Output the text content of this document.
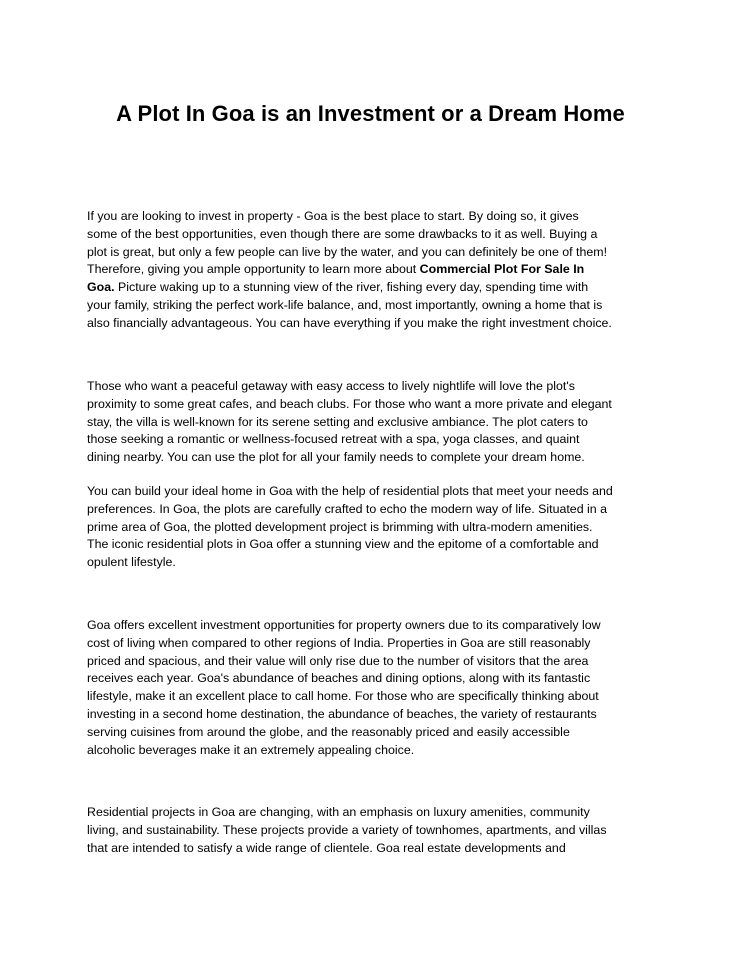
A Plot In Goa is an Investment or a Dream Home
If you are looking to invest in property - Goa is the best place to start. By doing so, it gives
some of the best opportunities, even though there are some drawbacks to it as well. Buying a
plot is great, but only a few people can live by the water, and you can definitely be one of them!
Therefore, giving you ample opportunity to learn more about Commercial Plot For Sale In
Goa. Picture waking up to a stunning view of the river, fishing every day, spending time with
your family, striking the perfect work-life balance, and, most importantly, owning a home that is
also financially advantageous. You can have everything if you make the right investment choice.
Those who want a peaceful getaway with easy access to lively nightlife will love the plot's
proximity to some great cafes, and beach clubs. For those who want a more private and elegant
stay, the villa is well-known for its serene setting and exclusive ambiance. The plot caters to
those seeking a romantic or wellness-focused retreat with a spa, yoga classes, and quaint
dining nearby. You can use the plot for all your family needs to complete your dream home.
You can build your ideal home in Goa with the help of residential plots that meet your needs and
preferences. In Goa, the plots are carefully crafted to echo the modern way of life. Situated in a
prime area of Goa, the plotted development project is brimming with ultra-modern amenities.
The iconic residential plots in Goa offer a stunning view and the epitome of a comfortable and
opulent lifestyle.
Goa offers excellent investment opportunities for property owners due to its comparatively low
cost of living when compared to other regions of India. Properties in Goa are still reasonably
priced and spacious, and their value will only rise due to the number of visitors that the area
receives each year. Goa's abundance of beaches and dining options, along with its fantastic
lifestyle, make it an excellent place to call home. For those who are specifically thinking about
investing in a second home destination, the abundance of beaches, the variety of restaurants
serving cuisines from around the globe, and the reasonably priced and easily accessible
alcoholic beverages make it an extremely appealing choice.
Residential projects in Goa are changing, with an emphasis on luxury amenities, community
living, and sustainability. These projects provide a variety of townhomes, apartments, and villas
that are intended to satisfy a wide range of clientele. Goa real estate developments and
